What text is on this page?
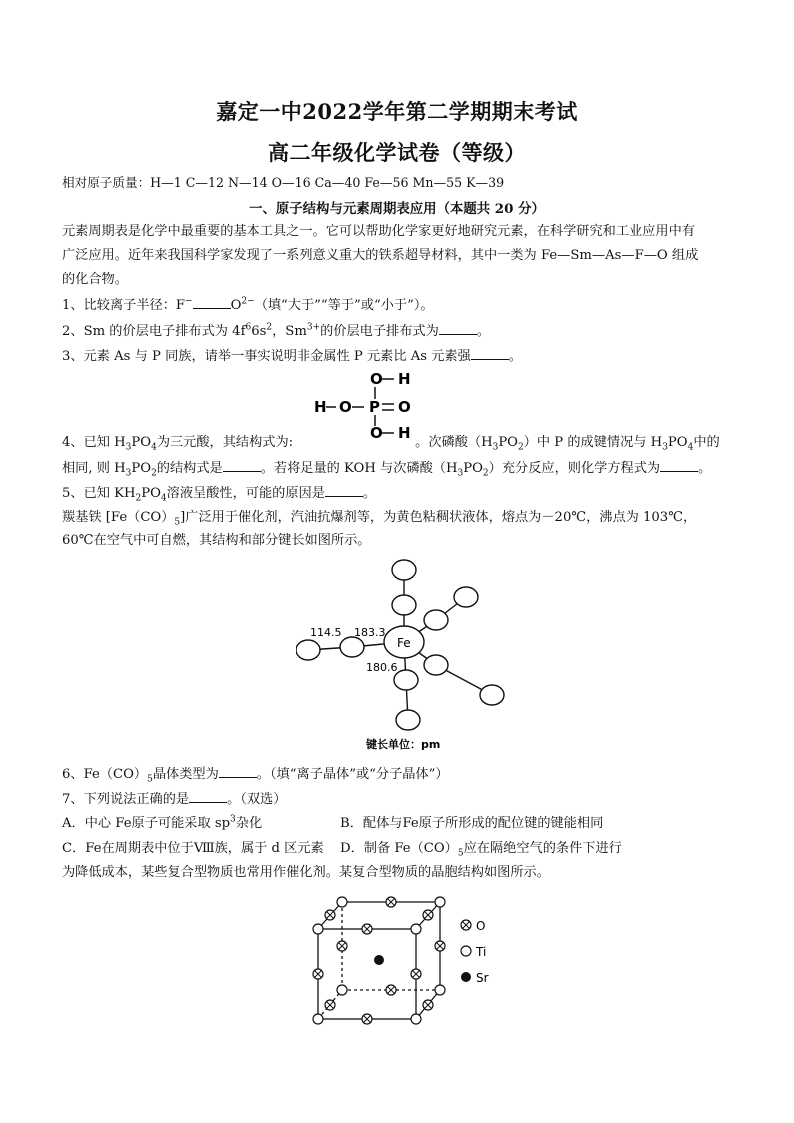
嘉定一中2022学年第二学期期末考试
高二年级化学试卷（等级）
相对原子质量：H—1 C—12 N—14 O—16 Ca—40 Fe—56 Mn—55 K—39
一、原子结构与元素周期表应用（本题共 20 分）
元素周期表是化学中最重要的基本工具之一。它可以帮助化学家更好地研究元素，在科学研究和工业应用中有
广泛应用。近年来我国科学家发现了一系列意义重大的铁系超导材料，其中一类为 Fe—Sm—As—F—O 组成
的化合物。
1、比较离子半径：F−	$O^{2-}$（填“大于”“等于”或“小于”）。
2、Sm 的价层电子排布式为 $4f^66s^2$，$Sm^{3+}$的价层电子排布式为	。
3、元素 As 与 P 同族，请举一事实说明非金属性 P 元素比 As 元素强	。
O H
H O P O
O H
4、已知 $H_3PO_4$为三元酸，其结构式为:	。次磷酸$(H_3PO_2)$中 P 的成键情况与 $H_3PO_4$中的
相同, 则 $H_3PO_2$的结构式是	。若将足量的 KOH 与次磷酸$(H_3PO_2)$充分反应，则化学方程式为	。
5、已知 $KH_2PO_4$溶液呈酸性，可能的原因是	。
羰基铁 $[Fe(CO)_5]$广泛用于催化剂，汽油抗爆剂等，为黄色粘稠状液体，熔点为－20℃，沸点为 103℃，
60℃在空气中可自燃，其结构和部分键长如图所示。
Fe
114.5 183.3
180.6
键长单位：pm
6、$Fe(CO)_5$晶体类型为	。（填“离子晶体”或“分子晶体”）
7、下列说法正确的是	。（双选）
A．中心 Fe原子可能采取 $sp^3$杂化	B．配体与Fe原子所形成的配位键的键能相同
C．Fe在周期表中位于Ⅷ族，属于 d 区元素 D．制备 $Fe(CO)_5$应在隔绝空气的条件下进行
为降低成本，某些复合型物质也常用作催化剂。某复合型物质的晶胞结构如图所示。
O
Ti
Sr
